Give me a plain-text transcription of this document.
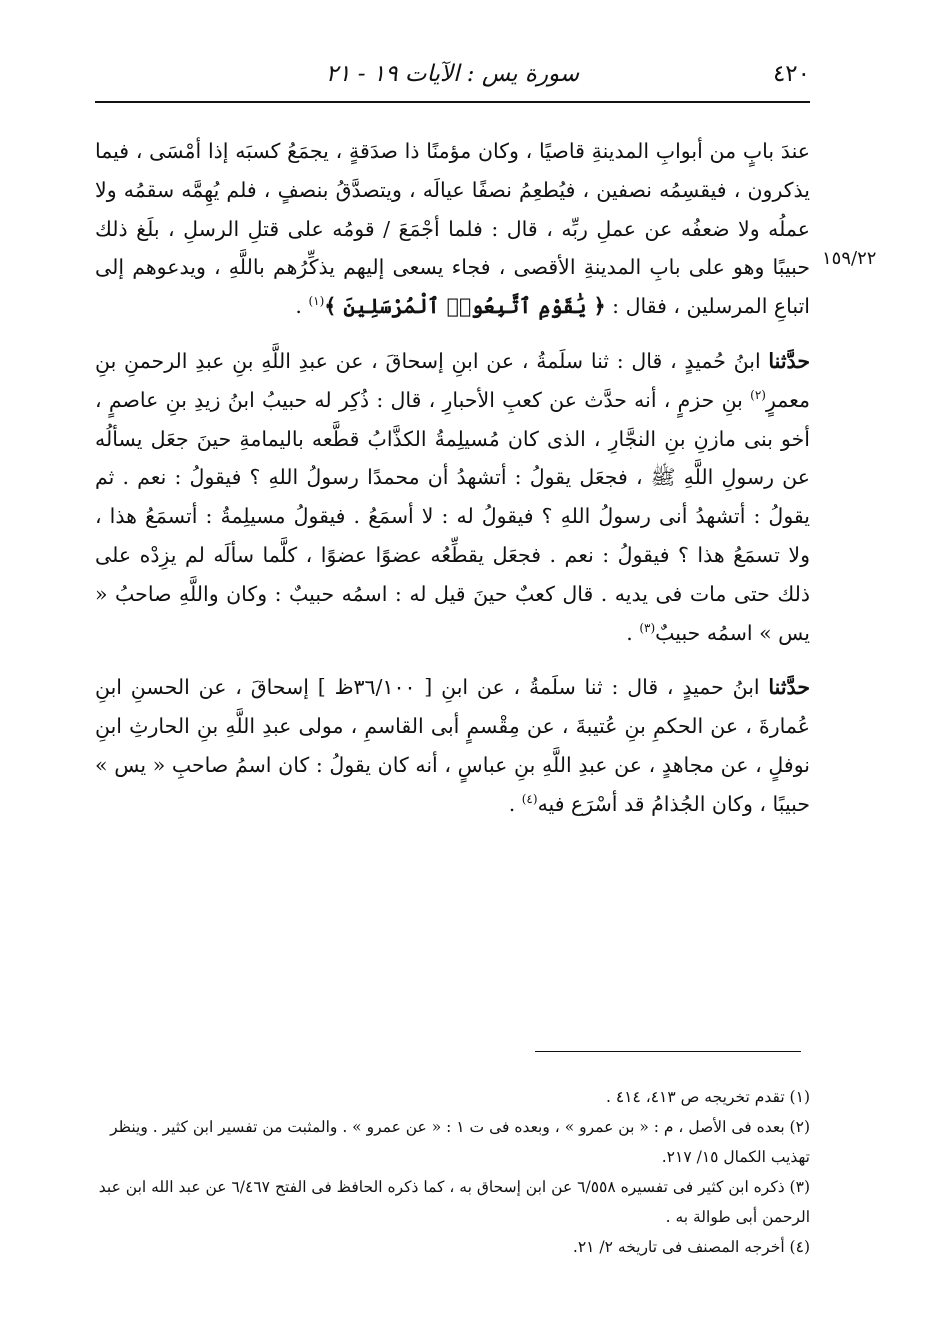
٤٢٠
سورة يس : الآيات ١٩ - ٢١
١٥٩/٢٢

عندَ بابٍ من أبوابِ المدينةِ قاصيًا ، وكان مؤمنًا ذا صدَقةٍ ، يجمَعُ كسبَه إذا أمْسَى ، فيما يذكرون ، فيقسِمُه نصفين ، فيُطعِمُ نصفًا عيالَه ، ويتصدَّقُ بنصفٍ ، فلم يُهِمَّه سقمُه ولا عملُه ولا ضعفُه عن عملِ ربِّه ، قال : فلما أجْمَعَ / قومُه على قتلِ الرسلِ ، بلَغ ذلك حبيبًا وهو على بابِ المدينةِ الأقصى ، فجاء يسعى إليهم يذكِّرُهم باللَّهِ ، ويدعوهم إلى اتباعِ المرسلين ، فقال : ﴿ يَٰقَوْمِ ٱتَّبِعُوا۟ ٱلْمُرْسَلِينَ ﴾$^{(١)}$ .

حدَّثنا ابنُ حُميدٍ ، قال : ثنا سلَمةُ ، عن ابنِ إسحاقَ ، عن عبدِ اللَّهِ بنِ عبدِ الرحمنِ بنِ معمرٍ$^{(٢)}$ بنِ حزمٍ ، أنه حدَّث عن كعبِ الأحبارِ ، قال : ذُكِر له حبيبُ ابنُ زيدِ بنِ عاصمٍ ، أخو بنى مازنِ بنِ النجَّارِ ، الذى كان مُسيلِمةُ الكذَّابُ قطَّعه باليمامةِ حينَ جعَل يسألُه عن رسولِ اللَّهِ ﷺ ، فجعَل يقولُ : أتشهدُ أن محمدًا رسولُ اللهِ ؟ فيقولُ : نعم . ثم يقولُ : أتشهدُ أنى رسولُ اللهِ ؟ فيقولُ له : لا أسمَعُ . فيقولُ مسيلِمةُ : أتسمَعُ هذا ، ولا تسمَعُ هذا ؟ فيقولُ : نعم . فجعَل يقطِّعُه عضوًا عضوًا ، كلَّما سألَه لم يزِدْه على ذلك حتى مات فى يديه . قال كعبٌ حينَ قيل له : اسمُه حبيبٌ : وكان واللَّهِ صاحبُ « يس » اسمُه حبيبٌ$^{(٣)}$ .

حدَّثنا ابنُ حميدٍ ، قال : ثنا سلَمةُ ، عن ابنِ [ ٣٦/١٠٠ظ ] إسحاقَ ، عن الحسنِ ابنِ عُمارةَ ، عن الحكمِ بنِ عُتيبةَ ، عن مِقْسمٍ أبى القاسمِ ، مولى عبدِ اللَّهِ بنِ الحارثِ ابنِ نوفلٍ ، عن مجاهدٍ ، عن عبدِ اللَّهِ بنِ عباسٍ ، أنه كان يقولُ : كان اسمُ صاحبِ « يس » حبيبًا ، وكان الجُذامُ قد أسْرَع فيه$^{(٤)}$ .

(١) تقدم تخريجه ص ٤١٣، ٤١٤ .

(٢) بعده فى الأصل ، م : « بن عمرو » ، وبعده فى ت ١ : « عن عمرو » . والمثبت من تفسير ابن كثير . وينظر تهذيب الكمال ١٥/ ٢١٧.

(٣) ذكره ابن كثير فى تفسيره ٦/٥٥٨ عن ابن إسحاق به ، كما ذكره الحافظ فى الفتح ٦/٤٦٧ عن عبد الله ابن عبد الرحمن أبى طوالة به .

(٤) أخرجه المصنف فى تاريخه ٢/ ٢١.
